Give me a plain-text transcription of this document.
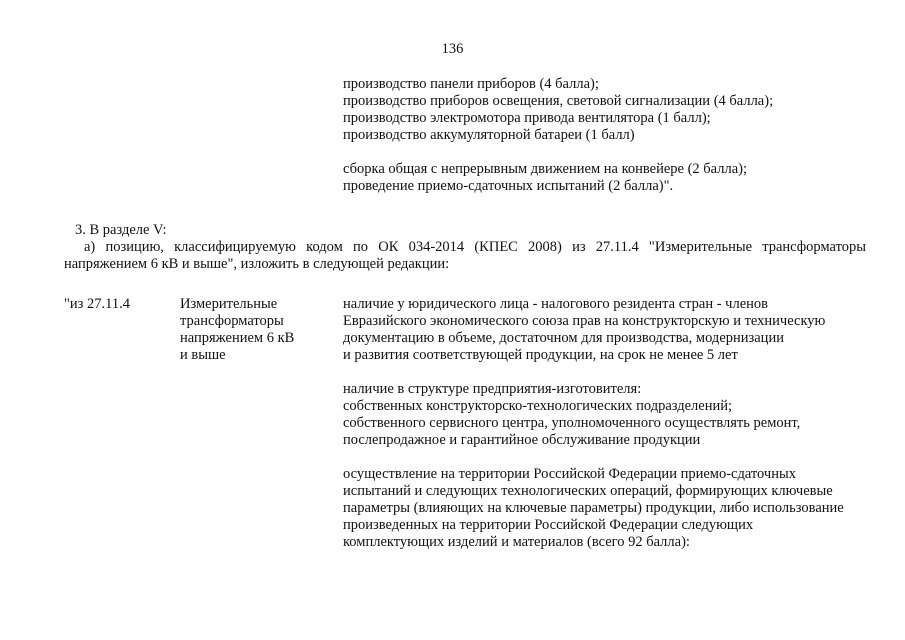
136
производство панели приборов (4 балла);
производство приборов освещения, световой сигнализации (4 балла);
производство электромотора привода вентилятора (1 балл);
производство аккумуляторной батареи (1 балл)
сборка общая с непрерывным движением на конвейере (2 балла);
проведение приемо-сдаточных испытаний (2 балла)".
3. В разделе V:
а) позицию, классифицируемую кодом по ОК 034-2014 (КПЕС 2008) из 27.11.4 "Измерительные трансформаторы
напряжением 6 кВ и выше", изложить в следующей редакции:
"из 27.11.4	Измерительные
трансформаторы
напряжением 6 кВ
и выше
наличие у юридического лица - налогового резидента стран - членов
Евразийского экономического союза прав на конструкторскую и техническую
документацию в объеме, достаточном для производства, модернизации
и развития соответствующей продукции, на срок не менее 5 лет
наличие в структуре предприятия-изготовителя:
собственных конструкторско-технологических подразделений;
собственного сервисного центра, уполномоченного осуществлять ремонт,
послепродажное и гарантийное обслуживание продукции
осуществление на территории Российской Федерации приемо-сдаточных
испытаний и следующих технологических операций, формирующих ключевые
параметры (влияющих на ключевые параметры) продукции, либо использование
произведенных на территории Российской Федерации следующих
комплектующих изделий и материалов (всего 92 балла):
